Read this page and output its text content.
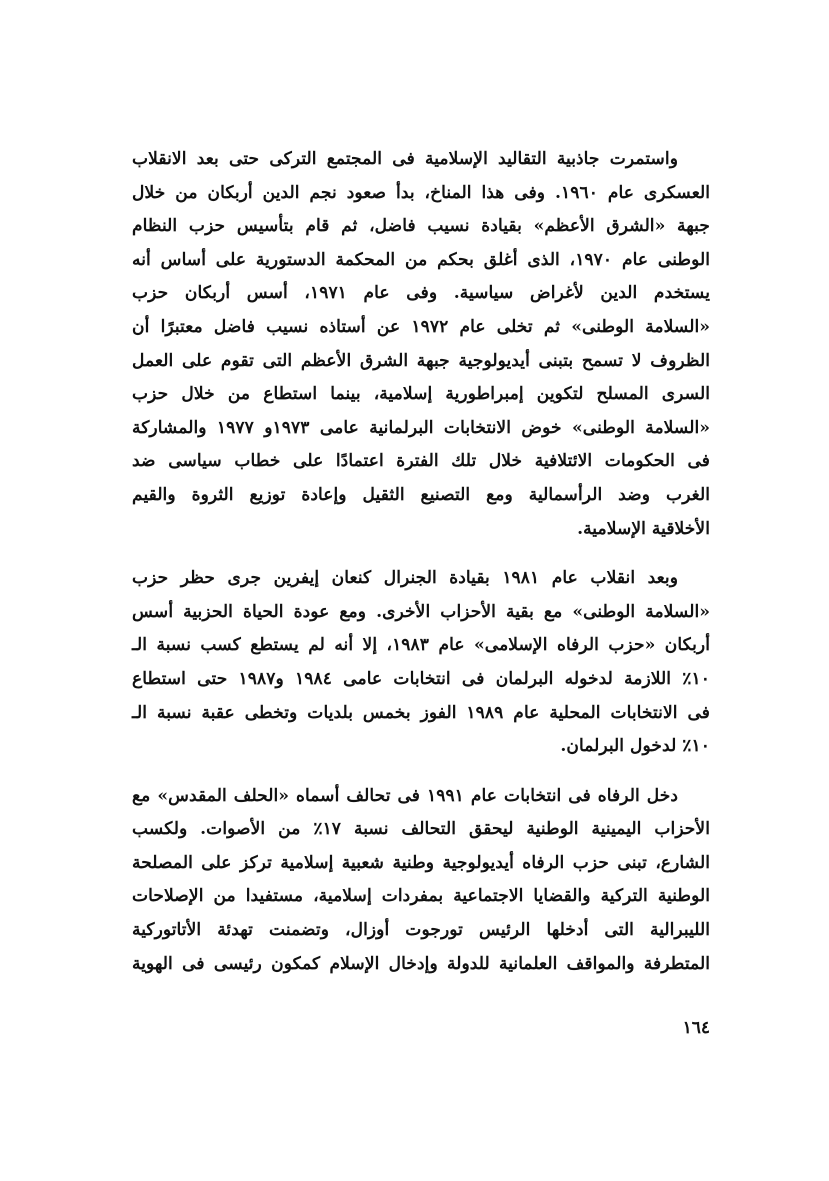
واستمرت جاذبية التقاليد الإسلامية فى المجتمع التركى حتى بعد الانقلاب
العسكرى عام ١٩٦٠. وفى هذا المناخ، بدأ صعود نجم الدين أربكان من خلال
جبهة «الشرق الأعظم» بقيادة نسيب فاضل، ثم قام بتأسيس حزب النظام
الوطنى عام ١٩٧٠، الذى أغلق بحكم من المحكمة الدستورية على أساس أنه
يستخدم الدين لأغراض سياسية. وفى عام ١٩٧١، أسس أربكان حزب
«السلامة الوطنى» ثم تخلى عام ١٩٧٢ عن أستاذه نسيب فاضل معتبرًا أن
الظروف لا تسمح بتبنى أيديولوجية جبهة الشرق الأعظم التى تقوم على العمل
السرى المسلح لتكوين إمبراطورية إسلامية، بينما استطاع من خلال حزب
«السلامة الوطنى» خوض الانتخابات البرلمانية عامى ١٩٧٣و ١٩٧٧ والمشاركة
فى الحكومات الائتلافية خلال تلك الفترة اعتمادًا على خطاب سياسى ضد
الغرب وضد الرأسمالية ومع التصنيع الثقيل وإعادة توزيع الثروة والقيم
الأخلاقية الإسلامية.

وبعد انقلاب عام ١٩٨١ بقيادة الجنرال كنعان إيفرين جرى حظر حزب
«السلامة الوطنى» مع بقية الأحزاب الأخرى. ومع عودة الحياة الحزبية أسس
أربكان «حزب الرفاه الإسلامى» عام ١٩٨٣، إلا أنه لم يستطع كسب نسبة الـ
١٠٪ اللازمة لدخوله البرلمان فى انتخابات عامى ١٩٨٤ و١٩٨٧ حتى استطاع
فى الانتخابات المحلية عام ١٩٨٩ الفوز بخمس بلديات وتخطى عقبة نسبة الـ
١٠٪ لدخول البرلمان.

دخل الرفاه فى انتخابات عام ١٩٩١ فى تحالف أسماه «الحلف المقدس» مع
الأحزاب اليمينية الوطنية ليحقق التحالف نسبة ١٧٪ من الأصوات. ولكسب
الشارع، تبنى حزب الرفاه أيديولوجية وطنية شعبية إسلامية تركز على المصلحة
الوطنية التركية والقضايا الاجتماعية بمفردات إسلامية، مستفيدا من الإصلاحات
الليبرالية التى أدخلها الرئيس تورجوت أوزال، وتضمنت تهدئة الأتاتوركية
المتطرفة والمواقف العلمانية للدولة وإدخال الإسلام كمكون رئيسى فى الهوية

١٦٤
